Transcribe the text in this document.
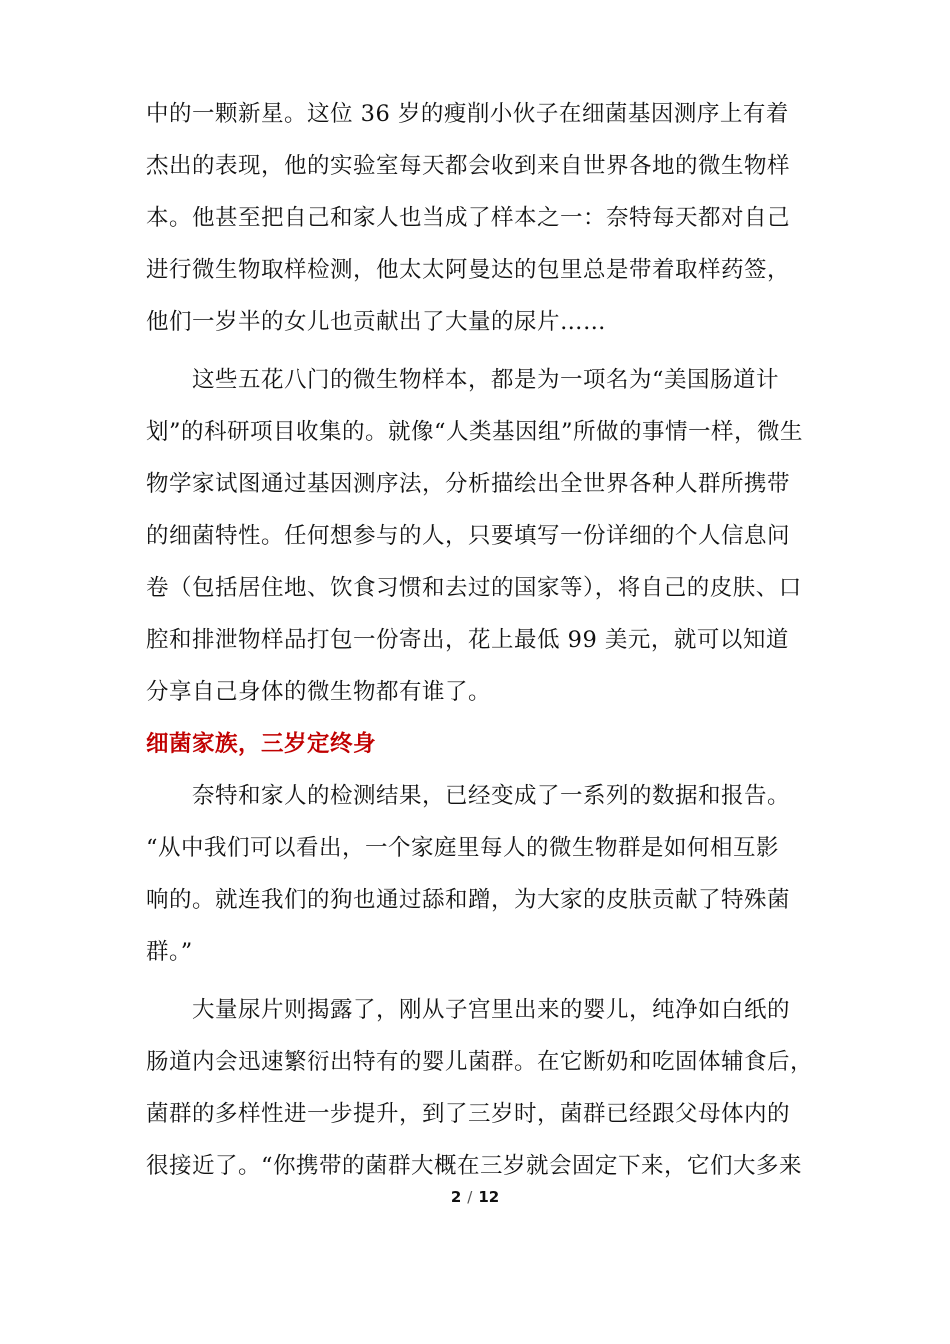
中的一颗新星。这位 36 岁的瘦削小伙子在细菌基因测序上有着
杰出的表现，他的实验室每天都会收到来自世界各地的微生物样
本。他甚至把自己和家人也当成了样本之一：奈特每天都对自己
进行微生物取样检测，他太太阿曼达的包里总是带着取样药签，
他们一岁半的女儿也贡献出了大量的尿片……
这些五花八门的微生物样本，都是为一项名为“美国肠道计
划”的科研项目收集的。就像“人类基因组”所做的事情一样，微生
物学家试图通过基因测序法，分析描绘出全世界各种人群所携带
的细菌特性。任何想参与的人，只要填写一份详细的个人信息问
卷（包括居住地、饮食习惯和去过的国家等），将自己的皮肤、口
腔和排泄物样品打包一份寄出，花上最低 99 美元，就可以知道
分享自己身体的微生物都有谁了。
细菌家族，三岁定终身
奈特和家人的检测结果，已经变成了一系列的数据和报告。
“从中我们可以看出，一个家庭里每人的微生物群是如何相互影
响的。就连我们的狗也通过舔和蹭，为大家的皮肤贡献了特殊菌
群。”
大量尿片则揭露了，刚从子宫里出来的婴儿，纯净如白纸的
肠道内会迅速繁衍出特有的婴儿菌群。在它断奶和吃固体辅食后，
菌群的多样性进一步提升，到了三岁时，菌群已经跟父母体内的
很接近了。“你携带的菌群大概在三岁就会固定下来，它们大多来
2 / 12
